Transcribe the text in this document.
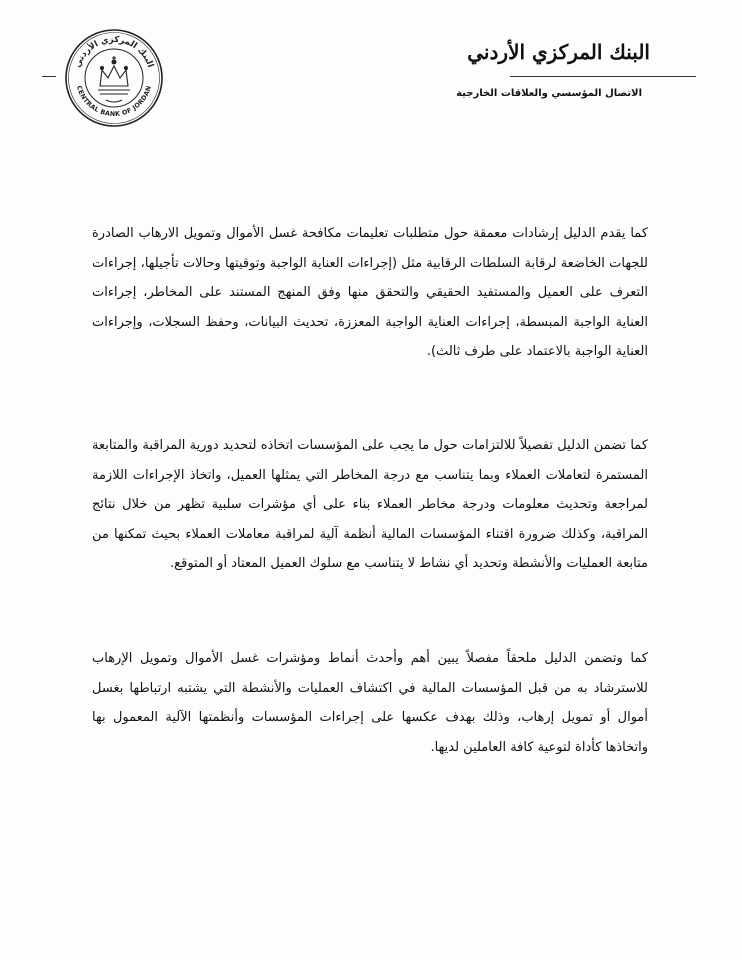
البنك المركزي الأردني
CENTRAL BANK OF JORDAN
البنك المركزي الأردني

الاتصال المؤسسي والعلاقات الخارجية

كما يقدم الدليل إرشادات معمقة حول متطلبات تعليمات مكافحة غسل الأموال وتمويل الارهاب الصادرة للجهات الخاضعة لرقابة السلطات الرقابية مثل (إجراءات العناية الواجبة وتوقيتها وحالات تأجيلها، إجراءات التعرف على العميل والمستفيد الحقيقي والتحقق منها وفق المنهج المستند على المخاطر، إجراءات العناية الواجبة المبسطة، إجراءات العناية الواجبة المعززة، تحديث البيانات، وحفظ السجلات، وإجراءات العناية الواجبة بالاعتماد على طرف ثالث).

كما تضمن الدليل تفصيلاً للالتزامات حول ما يجب على المؤسسات اتخاذه لتحديد دورية المراقبة والمتابعة المستمرة لتعاملات العملاء وبما يتناسب مع درجة المخاطر التي يمثلها العميل، واتخاذ الإجراءات اللازمة لمراجعة وتحديث معلومات ودرجة مخاطر العملاء بناء على أي مؤشرات سلبية تظهر من خلال نتائج المراقبة، وكذلك ضرورة اقتناء المؤسسات المالية أنظمة آلية لمراقبة معاملات العملاء بحيث تمكنها من متابعة العمليات والأنشطة وتحديد أي نشاط لا يتناسب مع سلوك العميل المعتاد أو المتوقع.

كما وتضمن الدليل ملحقاً مفصلاً يبين أهم وأحدث أنماط ومؤشرات غسل الأموال وتمويل الإرهاب للاسترشاد به من قبل المؤسسات المالية في اكتشاف العمليات والأنشطة التي يشتبه ارتباطها بغسل أموال أو تمويل إرهاب، وذلك بهدف عكسها على إجراءات المؤسسات وأنظمتها الآلية المعمول بها واتخاذها كأداة لتوعية كافة العاملين لديها.
